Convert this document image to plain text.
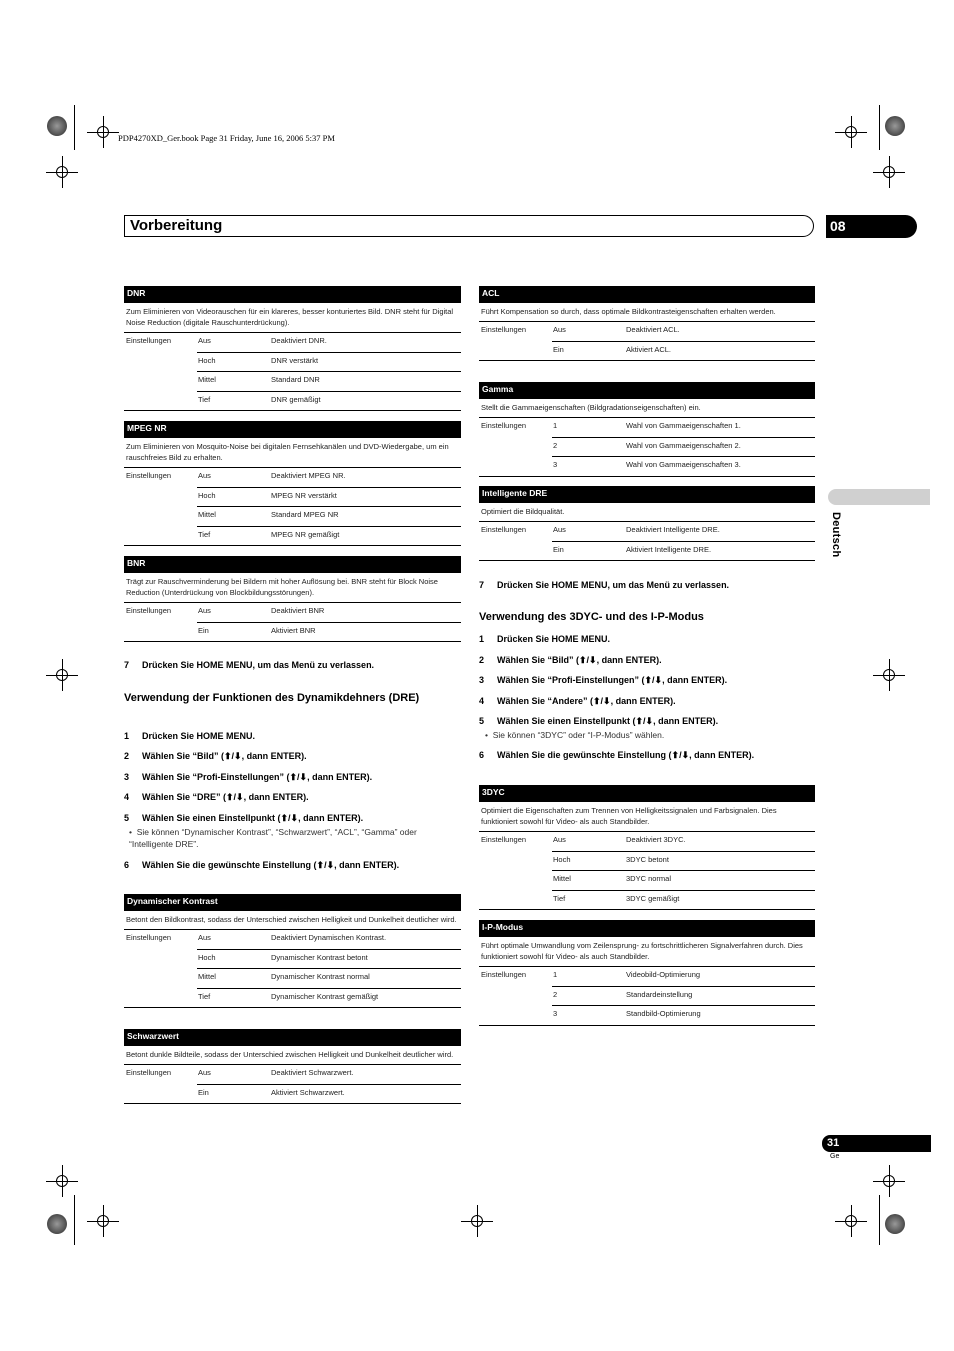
PDP4270XD_Ger.book Page 31 Friday, June 16, 2006 5:37 PM
Vorbereitung	08
Deutsch
DNR
Zum Eliminieren von Videorauschen für ein klareres, besser konturiertes Bild. DNR steht für Digital Noise Reduction (digitale Rauschunterdrückung).
Einstellungen	Aus	Deaktiviert DNR.
Hoch	DNR verstärkt
Mittel	Standard DNR
Tief	DNR gemäßigt
MPEG NR
Zum Eliminieren von Mosquito-Noise bei digitalen Fernsehkanälen und DVD-Wiedergabe, um ein rauschfreies Bild zu erhalten.
Einstellungen	Aus	Deaktiviert MPEG NR.
Hoch	MPEG NR verstärkt
Mittel	Standard MPEG NR
Tief	MPEG NR gemäßigt
BNR
Trägt zur Rauschverminderung bei Bildern mit hoher Auflösung bei. BNR steht für Block Noise Reduction (Unterdrückung von Blockbildungsstörungen).
Einstellungen	Aus	Deaktiviert BNR
Ein	Aktiviert BNR
7 Drücken Sie HOME MENU, um das Menü zu verlassen.
Verwendung der Funktionen des Dynamikdehners (DRE)
1 Drücken Sie HOME MENU.
2 Wählen Sie “Bild” (⬆/⬇, dann ENTER).
3 Wählen Sie “Profi-Einstellungen” (⬆/⬇, dann ENTER).
4 Wählen Sie “DRE” (⬆/⬇, dann ENTER).
5 Wählen Sie einen Einstellpunkt (⬆/⬇, dann ENTER).
•  Sie können “Dynamischer Kontrast”, “Schwarzwert”, “ACL”, “Gamma” oder “Intelligente DRE”.
6 Wählen Sie die gewünschte Einstellung (⬆/⬇, dann ENTER).
Dynamischer Kontrast
Betont den Bildkontrast, sodass der Unterschied zwischen Helligkeit und Dunkelheit deutlicher wird.
Einstellungen	Aus	Deaktiviert Dynamischen Kontrast.
Hoch	Dynamischer Kontrast betont
Mittel	Dynamischer Kontrast normal
Tief	Dynamischer Kontrast gemäßigt
Schwarzwert
Betont dunkle Bildteile, sodass der Unterschied zwischen Helligkeit und Dunkelheit deutlicher wird.
Einstellungen	Aus	Deaktiviert Schwarzwert.
Ein	Aktiviert Schwarzwert.
ACL
Führt Kompensation so durch, dass optimale Bildkontrasteigenschaften erhalten werden.
Einstellungen	Aus	Deaktiviert ACL.
Ein	Aktiviert ACL.
Gamma
Stellt die Gammaeigenschaften (Bildgradationseigenschaften) ein.
Einstellungen	1	Wahl von Gammaeigenschaften 1.
2	Wahl von Gammaeigenschaften 2.
3	Wahl von Gammaeigenschaften 3.
Intelligente DRE
Optimiert die Bildqualität.
Einstellungen	Aus	Deaktiviert Intelligente DRE.
Ein	Aktiviert Intelligente DRE.
7 Drücken Sie HOME MENU, um das Menü zu verlassen.
Verwendung des 3DYC- und des I-P-Modus
1 Drücken Sie HOME MENU.
2 Wählen Sie “Bild” (⬆/⬇, dann ENTER).
3 Wählen Sie “Profi-Einstellungen” (⬆/⬇, dann ENTER).
4 Wählen Sie “Andere” (⬆/⬇, dann ENTER).
5 Wählen Sie einen Einstellpunkt (⬆/⬇, dann ENTER).
•  Sie können “3DYC” oder “I-P-Modus” wählen.
6 Wählen Sie die gewünschte Einstellung (⬆/⬇, dann ENTER).
3DYC
Optimiert die Eigenschaften zum Trennen von Helligkeitssignalen und Farbsignalen. Dies funktioniert sowohl für Video- als auch Standbilder.
Einstellungen	Aus	Deaktiviert 3DYC.
Hoch	3DYC betont
Mittel	3DYC normal
Tief	3DYC gemäßigt
I-P-Modus
Führt optimale Umwandlung vom Zeilensprung- zu fortschrittlicheren Signalverfahren durch. Dies funktioniert sowohl für Video- als auch Standbilder.
Einstellungen	1	Videobild-Optimierung
2	Standardeinstellung
3	Standbild-Optimierung
31
Ge
